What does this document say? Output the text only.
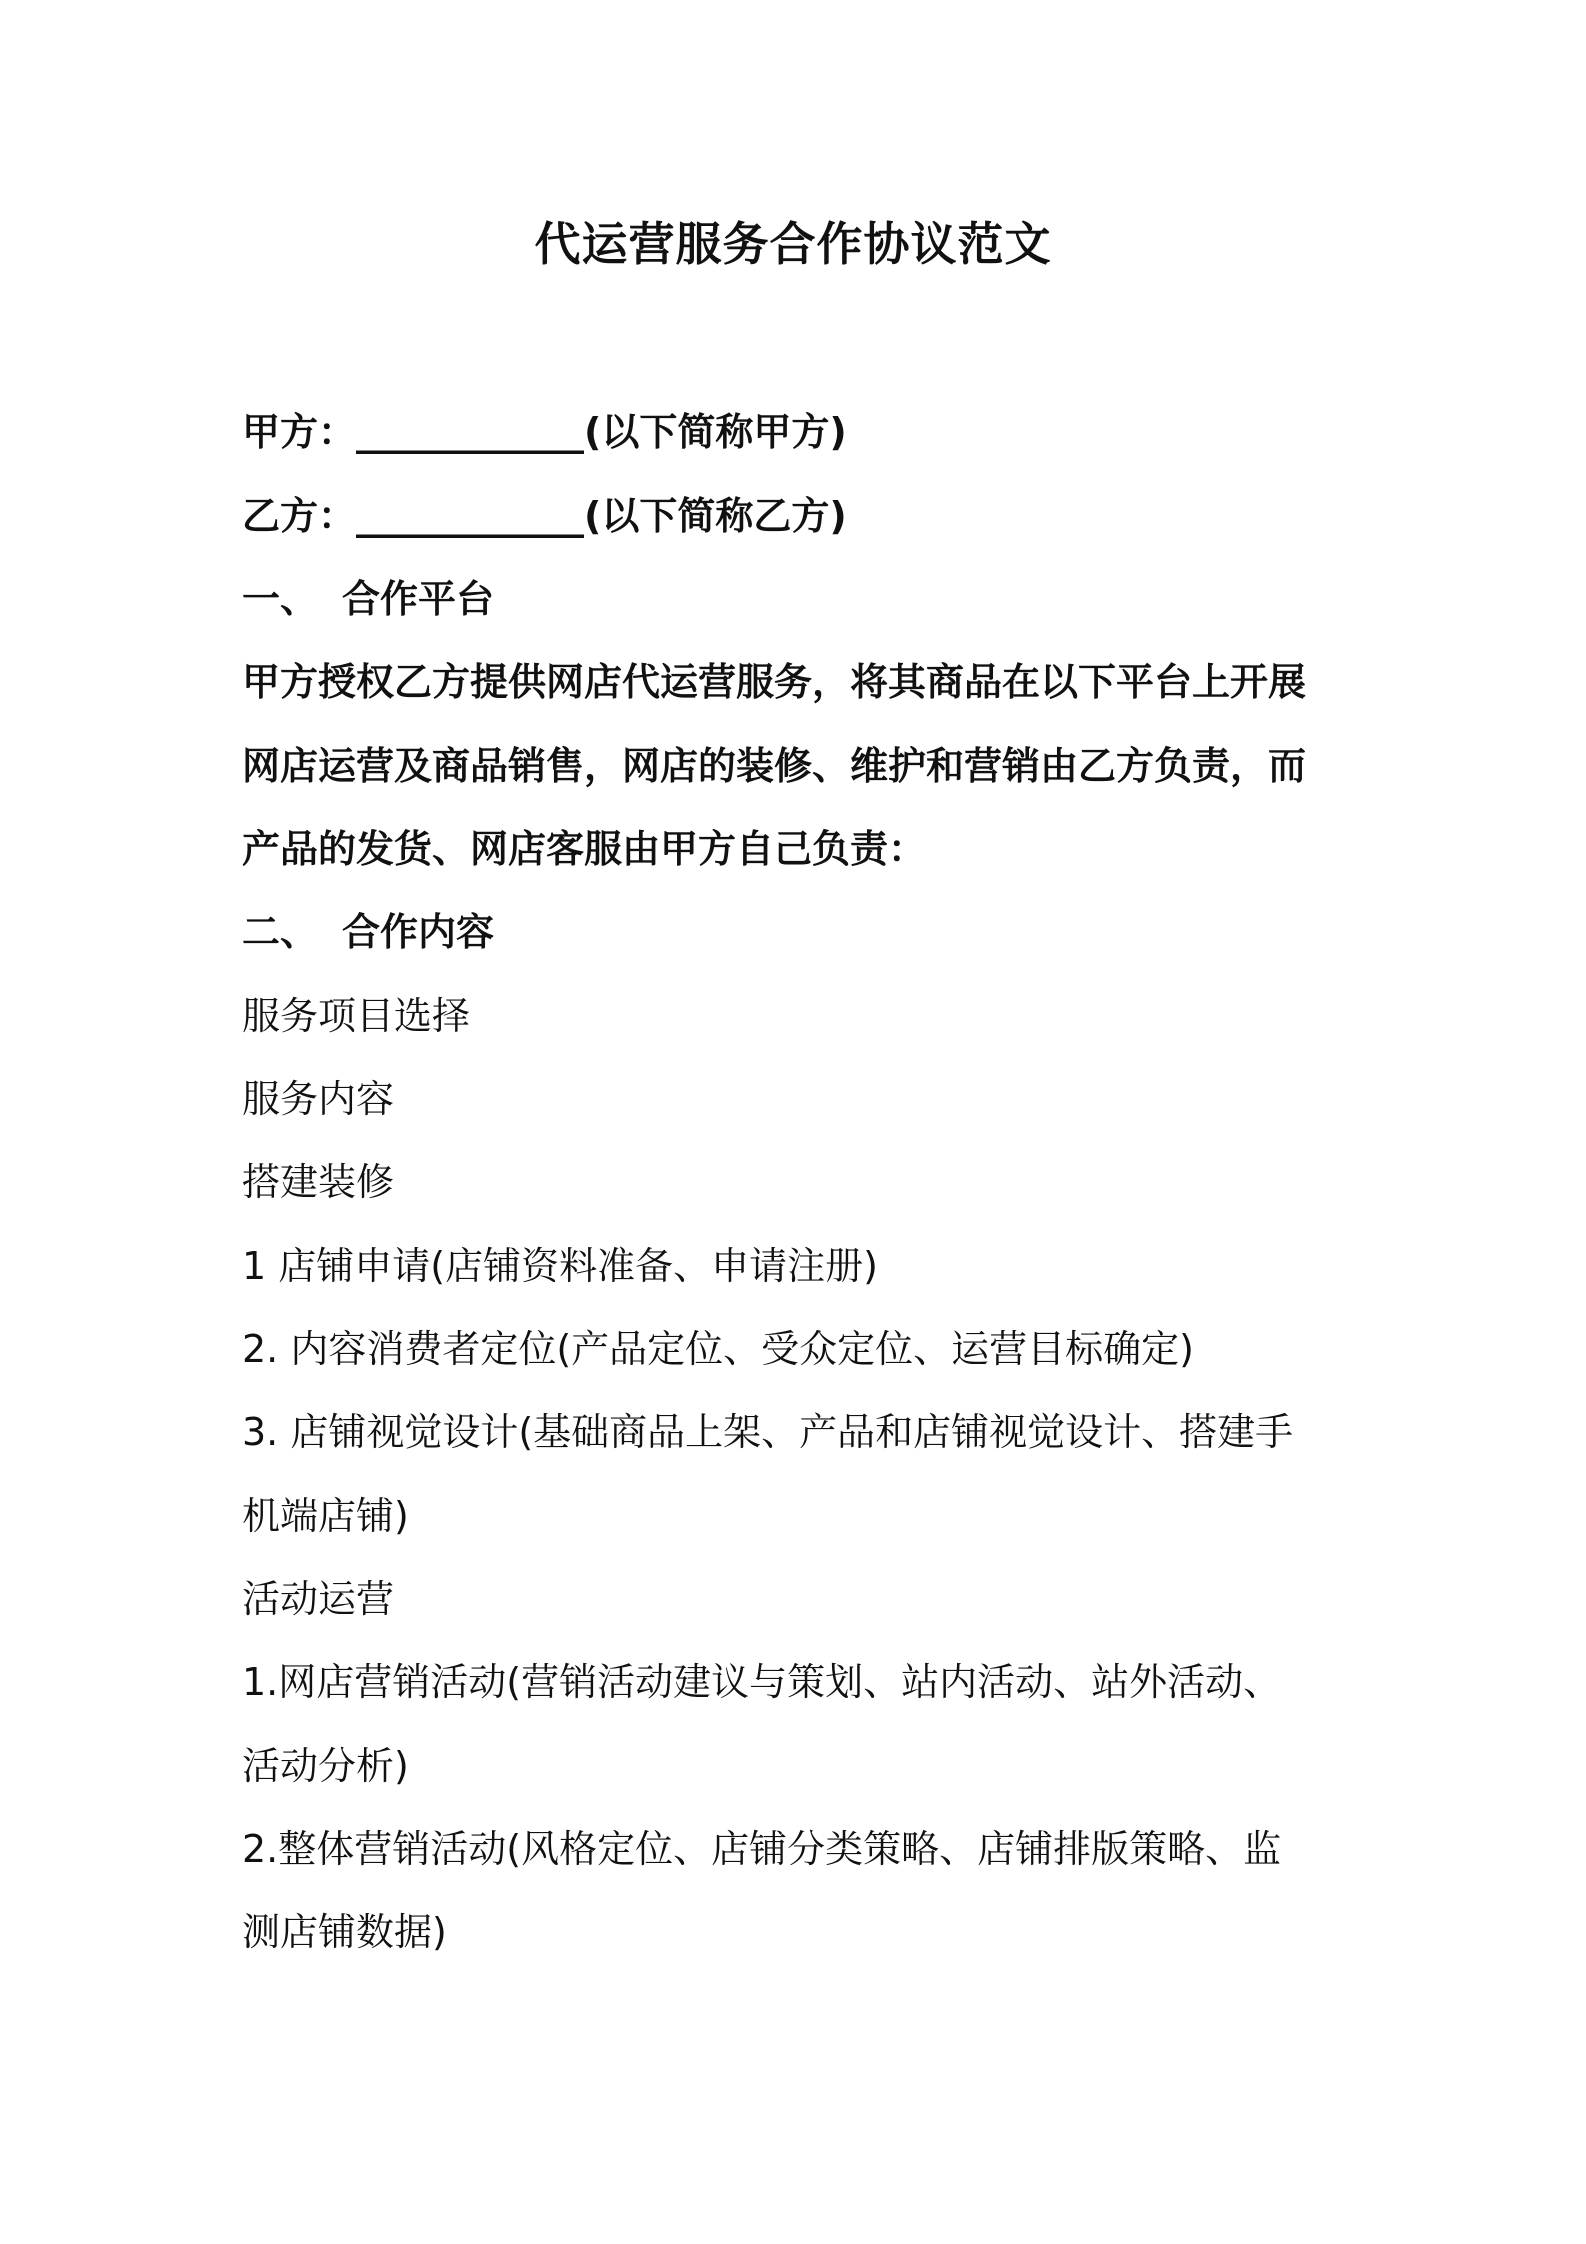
代运营服务合作协议范文
甲方：____________(以下简称甲方)
乙方：____________(以下简称乙方)
一、 合作平台
甲方授权乙方提供网店代运营服务，将其商品在以下平台上开展
网店运营及商品销售，网店的装修、维护和营销由乙方负责，而
产品的发货、网店客服由甲方自己负责：
二、 合作内容
服务项目选择
服务内容
搭建装修
1 店铺申请(店铺资料准备、申请注册)
2. 内容消费者定位(产品定位、受众定位、运营目标确定)
3. 店铺视觉设计(基础商品上架、产品和店铺视觉设计、搭建手
机端店铺)
活动运营
1.网店营销活动(营销活动建议与策划、站内活动、站外活动、
活动分析)
2.整体营销活动(风格定位、店铺分类策略、店铺排版策略、监
测店铺数据)
